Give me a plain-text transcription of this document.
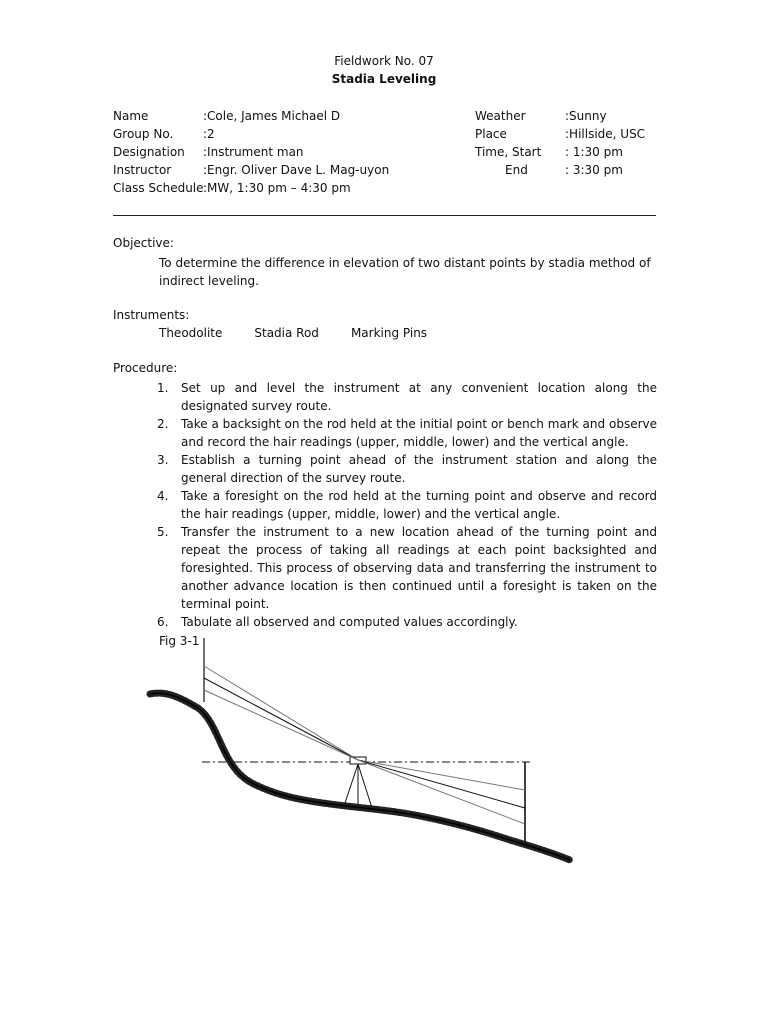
Fieldwork No. 07
Stadia Leveling
Name	:Cole, James Michael D
Group No.	:2
Designation	:Instrument man
Instructor	:Engr. Oliver Dave L. Mag-uyon
Class Schedule :MW, 1:30 pm – 4:30 pm
Weather	:Sunny
Place	:Hillside, USC
Time, Start	: 1:30 pm
End	: 3:30 pm
Objective:
To determine the difference in elevation of two distant points by stadia method of indirect leveling.
Instruments:
Theodolite	Stadia Rod	Marking Pins
Procedure:
1.	Set up and level the instrument at any convenient location along the designated survey route.
2.	Take a backsight on the rod held at the initial point or bench mark and observe and record the hair readings (upper, middle, lower) and the vertical angle.
3.	Establish a turning point ahead of the instrument station and along the general direction of the survey route.
4.	Take a foresight on the rod held at the turning point and observe and record the hair readings (upper, middle, lower) and the vertical angle.
5.	Transfer the instrument to a new location ahead of the turning point and repeat the process of taking all readings at each point backsighted and foresighted. This process of observing data and transferring the instrument to another advance location is then continued until a foresight is taken on the terminal point.
6.	Tabulate all observed and computed values accordingly.
Fig 3-1
